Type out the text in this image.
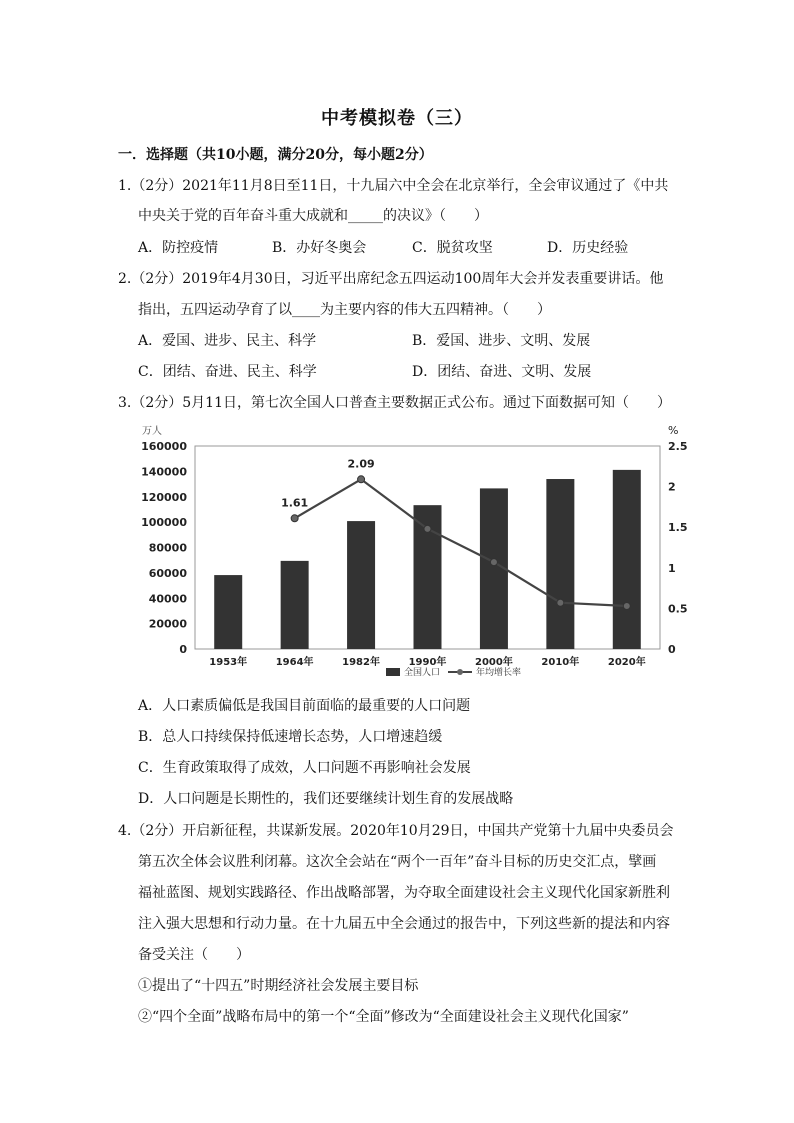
中考模拟卷（三）
一．选择题（共10小题，满分20分，每小题2分）
1.（2分）2021年11月8日至11日，十九届六中全会在北京举行，全会审议通过了《中共
中央关于党的百年奋斗重大成就和_____的决议》（　　）
A．防控疫情	B．办好冬奥会	C．脱贫攻坚	D．历史经验
2.（2分）2019年4月30日，习近平出席纪念五四运动100周年大会并发表重要讲话。他
指出，五四运动孕育了以____为主要内容的伟大五四精神。（　　）
A．爱国、进步、民主、科学	B．爱国、进步、文明、发展
C．团结、奋进、民主、科学	D．团结、奋进、文明、发展
3.（2分）5月11日，第七次全国人口普查主要数据正式公布。通过下面数据可知（　　）
1.61
2.09
0
20000
40000
60000
80000
100000
120000
140000
160000
0
0.5
1
1.5
2
2.5
万人	%
1953年	1964年	1982年	1990年	2000年	2010年	2020年
全国人口	年均增长率
A．人口素质偏低是我国目前面临的最重要的人口问题
B．总人口持续保持低速增长态势，人口增速趋缓
C．生育政策取得了成效，人口问题不再影响社会发展
D．人口问题是长期性的，我们还要继续计划生育的发展战略
4.（2分）开启新征程，共谋新发展。2020年10月29日，中国共产党第十九届中央委员会
第五次全体会议胜利闭幕。这次全会站在“两个一百年”奋斗目标的历史交汇点，擘画
福祉蓝图、规划实践路径、作出战略部署，为夺取全面建设社会主义现代化国家新胜利
注入强大思想和行动力量。在十九届五中全会通过的报告中，下列这些新的提法和内容
备受关注（　　）
①提出了“十四五”时期经济社会发展主要目标
②“四个全面”战略布局中的第一个“全面”修改为“全面建设社会主义现代化国家”
